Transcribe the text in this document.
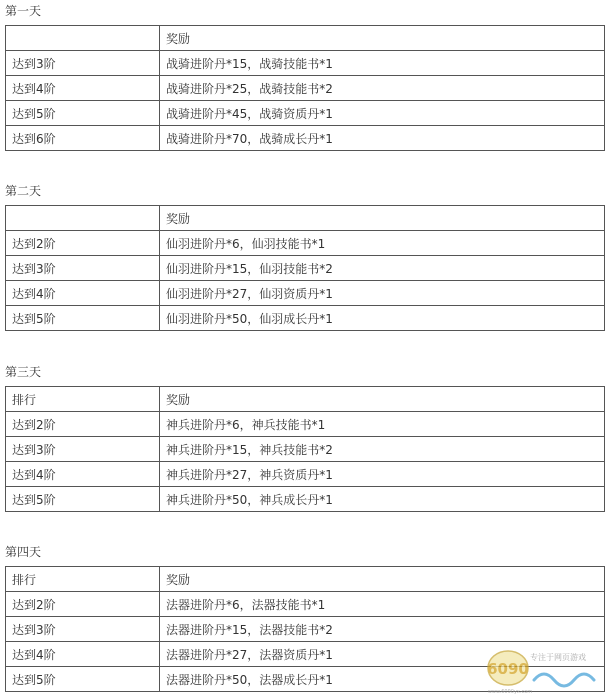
第一天
	奖励
达到3阶	战骑进阶丹*15，战骑技能书*1
达到4阶	战骑进阶丹*25，战骑技能书*2
达到5阶	战骑进阶丹*45，战骑资质丹*1
达到6阶	战骑进阶丹*70，战骑成长丹*1
第二天
	奖励
达到2阶	仙羽进阶丹*6，仙羽技能书*1
达到3阶	仙羽进阶丹*15，仙羽技能书*2
达到4阶	仙羽进阶丹*27，仙羽资质丹*1
达到5阶	仙羽进阶丹*50，仙羽成长丹*1
第三天
排行	奖励
达到2阶	神兵进阶丹*6，神兵技能书*1
达到3阶	神兵进阶丹*15，神兵技能书*2
达到4阶	神兵进阶丹*27，神兵资质丹*1
达到5阶	神兵进阶丹*50，神兵成长丹*1
第四天
排行	奖励
达到2阶	法器进阶丹*6，法器技能书*1
达到3阶	法器进阶丹*15，法器技能书*2
达到4阶	法器进阶丹*27，法器资质丹*1
达到5阶	法器进阶丹*50，法器成长丹*1
6090
专注于网页游戏
www.6090yx.com
